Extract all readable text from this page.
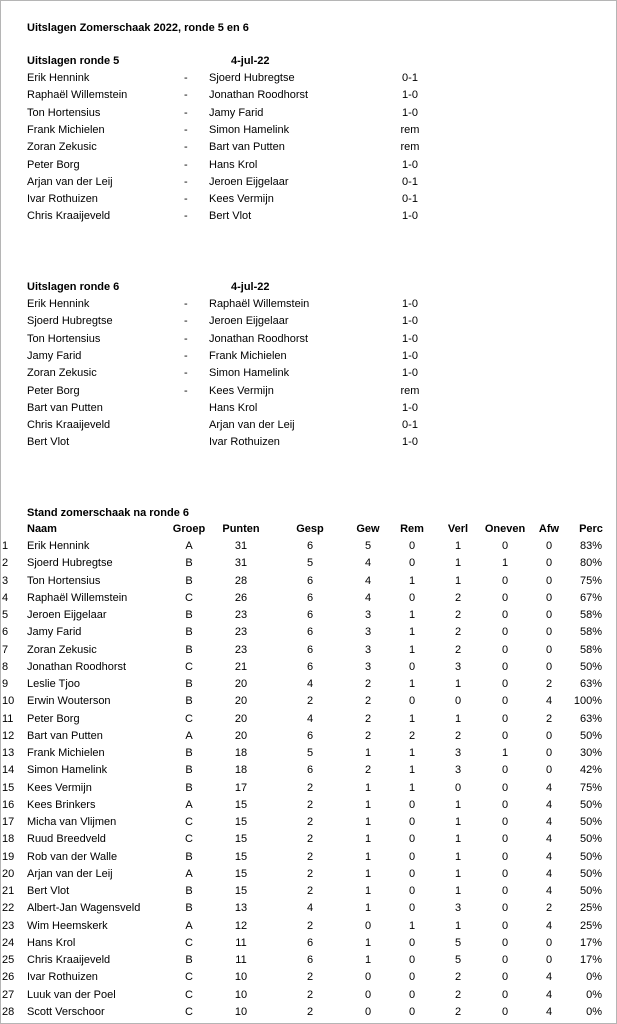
Uitslagen Zomerschaak 2022, ronde 5 en 6
Uitslagen ronde 5	4-jul-22
Erik Hennink	- Sjoerd Hubregtse	0-1
Raphaël Willemstein	- Jonathan Roodhorst	1-0
Ton Hortensius	- Jamy Farid	1-0
Frank Michielen	- Simon Hamelink	rem
Zoran Zekusic	- Bart van Putten	rem
Peter Borg	- Hans Krol	1-0
Arjan van der Leij	- Jeroen Eijgelaar	0-1
Ivar Rothuizen	- Kees Vermijn	0-1
Chris Kraaijeveld	- Bert Vlot	1-0
Uitslagen ronde 6	4-jul-22
Erik Hennink	- Raphaël Willemstein	1-0
Sjoerd Hubregtse	- Jeroen Eijgelaar	1-0
Ton Hortensius	- Jonathan Roodhorst	1-0
Jamy Farid	- Frank Michielen	1-0
Zoran Zekusic	- Simon Hamelink	1-0
Peter Borg	- Kees Vermijn	rem
Bart van Putten	Hans Krol	1-0
Chris Kraaijeveld	Arjan van der Leij	0-1
Bert Vlot	Ivar Rothuizen	1-0
Stand zomerschaak na ronde 6
Naam	Groep	Punten	Gesp	Gew	Rem	Verl	Oneven	Afw	Perc
1 Erik Hennink	A	31	6	5	0	1	0	0	83%
2 Sjoerd Hubregtse	B	31	5	4	0	1	1	0	80%
3 Ton Hortensius	B	28	6	4	1	1	0	0	75%
4 Raphaël Willemstein	C	26	6	4	0	2	0	0	67%
5 Jeroen Eijgelaar	B	23	6	3	1	2	0	0	58%
6 Jamy Farid	B	23	6	3	1	2	0	0	58%
7 Zoran Zekusic	B	23	6	3	1	2	0	0	58%
8 Jonathan Roodhorst	C	21	6	3	0	3	0	0	50%
9 Leslie Tjoo	B	20	4	2	1	1	0	2	63%
10 Erwin Wouterson	B	20	2	2	0	0	0	4	100%
11 Peter Borg	C	20	4	2	1	1	0	2	63%
12 Bart van Putten	A	20	6	2	2	2	0	0	50%
13 Frank Michielen	B	18	5	1	1	3	1	0	30%
14 Simon Hamelink	B	18	6	2	1	3	0	0	42%
15 Kees Vermijn	B	17	2	1	1	0	0	4	75%
16 Kees Brinkers	A	15	2	1	0	1	0	4	50%
17 Micha van Vlijmen	C	15	2	1	0	1	0	4	50%
18 Ruud Breedveld	C	15	2	1	0	1	0	4	50%
19 Rob van der Walle	B	15	2	1	0	1	0	4	50%
20 Arjan van der Leij	A	15	2	1	0	1	0	4	50%
21 Bert Vlot	B	15	2	1	0	1	0	4	50%
22 Albert-Jan Wagensveld	B	13	4	1	0	3	0	2	25%
23 Wim Heemskerk	A	12	2	0	1	1	0	4	25%
24 Hans Krol	C	11	6	1	0	5	0	0	17%
25 Chris Kraaijeveld	B	11	6	1	0	5	0	0	17%
26 Ivar Rothuizen	C	10	2	0	0	2	0	4	0%
27 Luuk van der Poel	C	10	2	0	0	2	0	4	0%
28 Scott Verschoor	C	10	2	0	0	2	0	4	0%
